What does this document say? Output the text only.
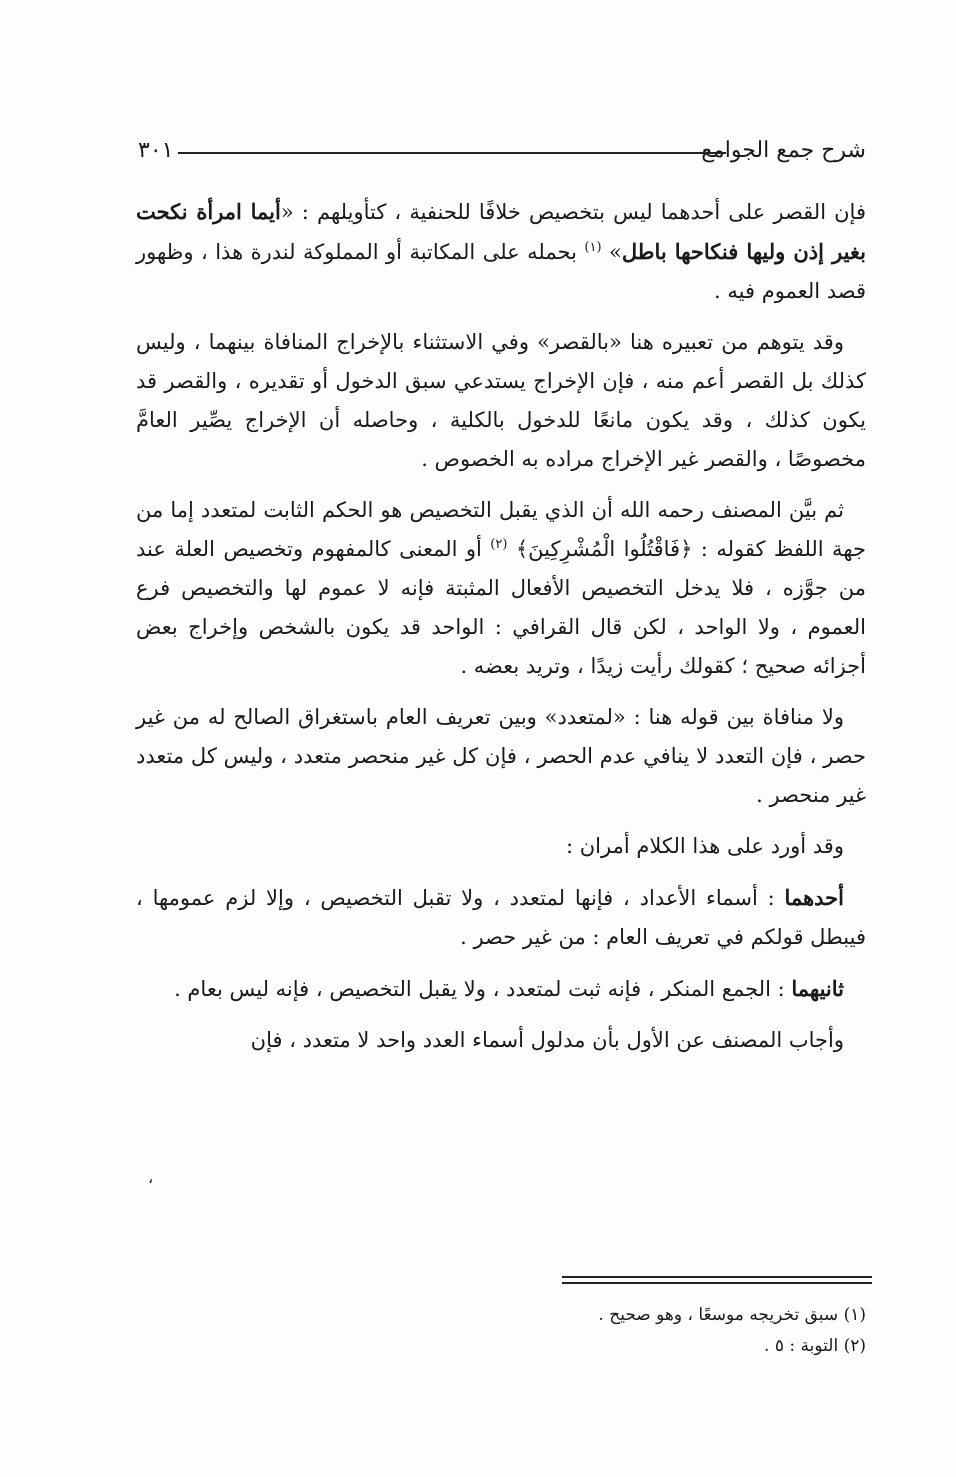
شرح جمع الجوامع
٣٠١

فإن القصر على أحدهما ليس بتخصيص خلافًا للحنفية ، كتأويلهم : «أيما امرأة نكحت بغير إذن وليها فنكاحها باطل» $^{(١)}$ بحمله على المكاتبة أو المملوكة لندرة هذا ، وظهور قصد العموم فيه .

وقد يتوهم من تعبيره هنا «بالقصر» وفي الاستثناء بالإخراج المنافاة بينهما ، وليس كذلك بل القصر أعم منه ، فإن الإخراج يستدعي سبق الدخول أو تقديره ، والقصر قد يكون كذلك ، وقد يكون مانعًا للدخول بالكلية ، وحاصله أن الإخراج يصِّير العامَّ مخصوصًا ، والقصر غير الإخراج مراده به الخصوص .

ثم بيَّن المصنف رحمه الله أن الذي يقبل التخصيص هو الحكم الثابت لمتعدد إما من جهة اللفظ كقوله : ﴿فَاقْتُلُوا الْمُشْرِكِينَ﴾ $^{(٢)}$ أو المعنى كالمفهوم وتخصيص العلة عند من جوَّزه ، فلا يدخل التخصيص الأفعال المثبتة فإنه لا عموم لها والتخصيص فرع العموم ، ولا الواحد ، لكن قال القرافي : الواحد قد يكون بالشخص وإخراج بعض أجزائه صحيح ؛ كقولك رأيت زيدًا ، وتريد بعضه .

ولا منافاة بين قوله هنا : «لمتعدد» وبين تعريف العام باستغراق الصالح له من غير حصر ، فإن التعدد لا ينافي عدم الحصر ، فإن كل غير منحصر متعدد ، وليس كل متعدد غير منحصر .

وقد أورد على هذا الكلام أمران :

أحدهما : أسماء الأعداد ، فإنها لمتعدد ، ولا تقبل التخصيص ، وإلا لزم عمومها ، فيبطل قولكم في تعريف العام : من غير حصر .

ثانيهما : الجمع المنكر ، فإنه ثبت لمتعدد ، ولا يقبل التخصيص ، فإنه ليس بعام .

وأجاب المصنف عن الأول بأن مدلول أسماء العدد واحد لا متعدد ، فإن

،
(١) سبق تخريجه موسعًا ، وهو صحيح .
(٢) التوبة : ٥ .
